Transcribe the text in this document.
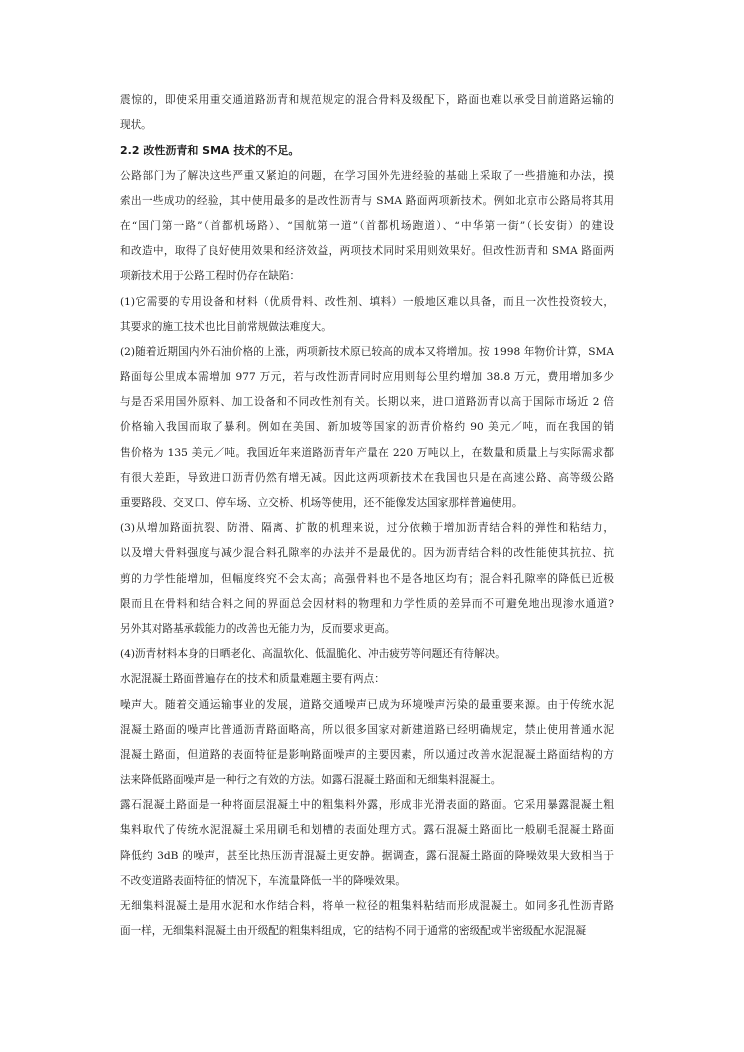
震惊的，即使采用重交通道路沥青和规范规定的混合骨料及级配下，路面也难以承受目前道路运输的
现状。
2.2 改性沥青和 SMA 技术的不足。
公路部门为了解决这些严重又紧迫的问题，在学习国外先进经验的基础上采取了一些措施和办法，摸
索出一些成功的经验，其中使用最多的是改性沥青与 SMA 路面两项新技术。例如北京市公路局将其用
在“国门第一路”（首都机场路）、“国航第一道”（首都机场跑道）、“中华第一街”（长安街）的建设
和改造中，取得了良好使用效果和经济效益，两项技术同时采用则效果好。但改性沥青和 SMA 路面两
项新技术用于公路工程时仍存在缺陷：
(1)它需要的专用设备和材料（优质骨料、改性剂、填料）一般地区难以具备，而且一次性投资较大，
其要求的施工技术也比目前常规做法难度大。
(2)随着近期国内外石油价格的上涨，两项新技术原已较高的成本又将增加。按 1998 年物价计算，SMA
路面每公里成本需增加 977 万元，若与改性沥青同时应用则每公里约增加 38.8 万元，费用增加多少
与是否采用国外原料、加工设备和不同改性剂有关。长期以来，进口道路沥青以高于国际市场近 2 倍
价格输入我国而取了暴利。例如在美国、新加坡等国家的沥青价格约 90 美元／吨，而在我国的销
售价格为 135 美元／吨。我国近年来道路沥青年产量在 220 万吨以上，在数量和质量上与实际需求都
有很大差距，导致进口沥青仍然有增无减。因此这两项新技术在我国也只是在高速公路、高等级公路
重要路段、交叉口、停车场、立交桥、机场等使用，还不能像发达国家那样普遍使用。
(3)从增加路面抗裂、防滑、隔离、扩散的机理来说，过分依赖于增加沥青结合料的弹性和粘结力，
以及增大骨料强度与减少混合料孔隙率的办法并不是最优的。因为沥青结合料的改性能使其抗拉、抗
剪的力学性能增加，但幅度终究不会太高；高强骨料也不是各地区均有；混合料孔隙率的降低已近极
限而且在骨料和结合料之间的界面总会因材料的物理和力学性质的差异而不可避免地出现渗水通道?
另外其对路基承载能力的改善也无能力为，反而要求更高。
(4)沥青材料本身的日晒老化、高温软化、低温脆化、冲击疲劳等问题还有待解决。
水泥混凝土路面普遍存在的技术和质量难题主要有两点：
噪声大。随着交通运输事业的发展，道路交通噪声已成为环境噪声污染的最重要来源。由于传统水泥
混凝土路面的噪声比普通沥青路面略高，所以很多国家对新建道路已经明确规定，禁止使用普通水泥
混凝土路面，但道路的表面特征是影响路面噪声的主要因素，所以通过改善水泥混凝土路面结构的方
法来降低路面噪声是一种行之有效的方法。如露石混凝土路面和无细集料混凝土。
露石混凝土路面是一种将面层混凝土中的粗集料外露，形成非光滑表面的路面。它采用暴露混凝土粗
集料取代了传统水泥混凝土采用刷毛和划槽的表面处理方式。露石混凝土路面比一般刷毛混凝土路面
降低约 3dB 的噪声，甚至比热压沥青混凝土更安静。据调查，露石混凝土路面的降噪效果大致相当于
不改变道路表面特征的情况下，车流量降低一半的降噪效果。
无细集料混凝土是用水泥和水作结合料，将单一粒径的粗集料粘结而形成混凝土。如同多孔性沥青路
面一样，无细集料混凝土由开级配的粗集料组成，它的结构不同于通常的密级配或半密级配水泥混凝
